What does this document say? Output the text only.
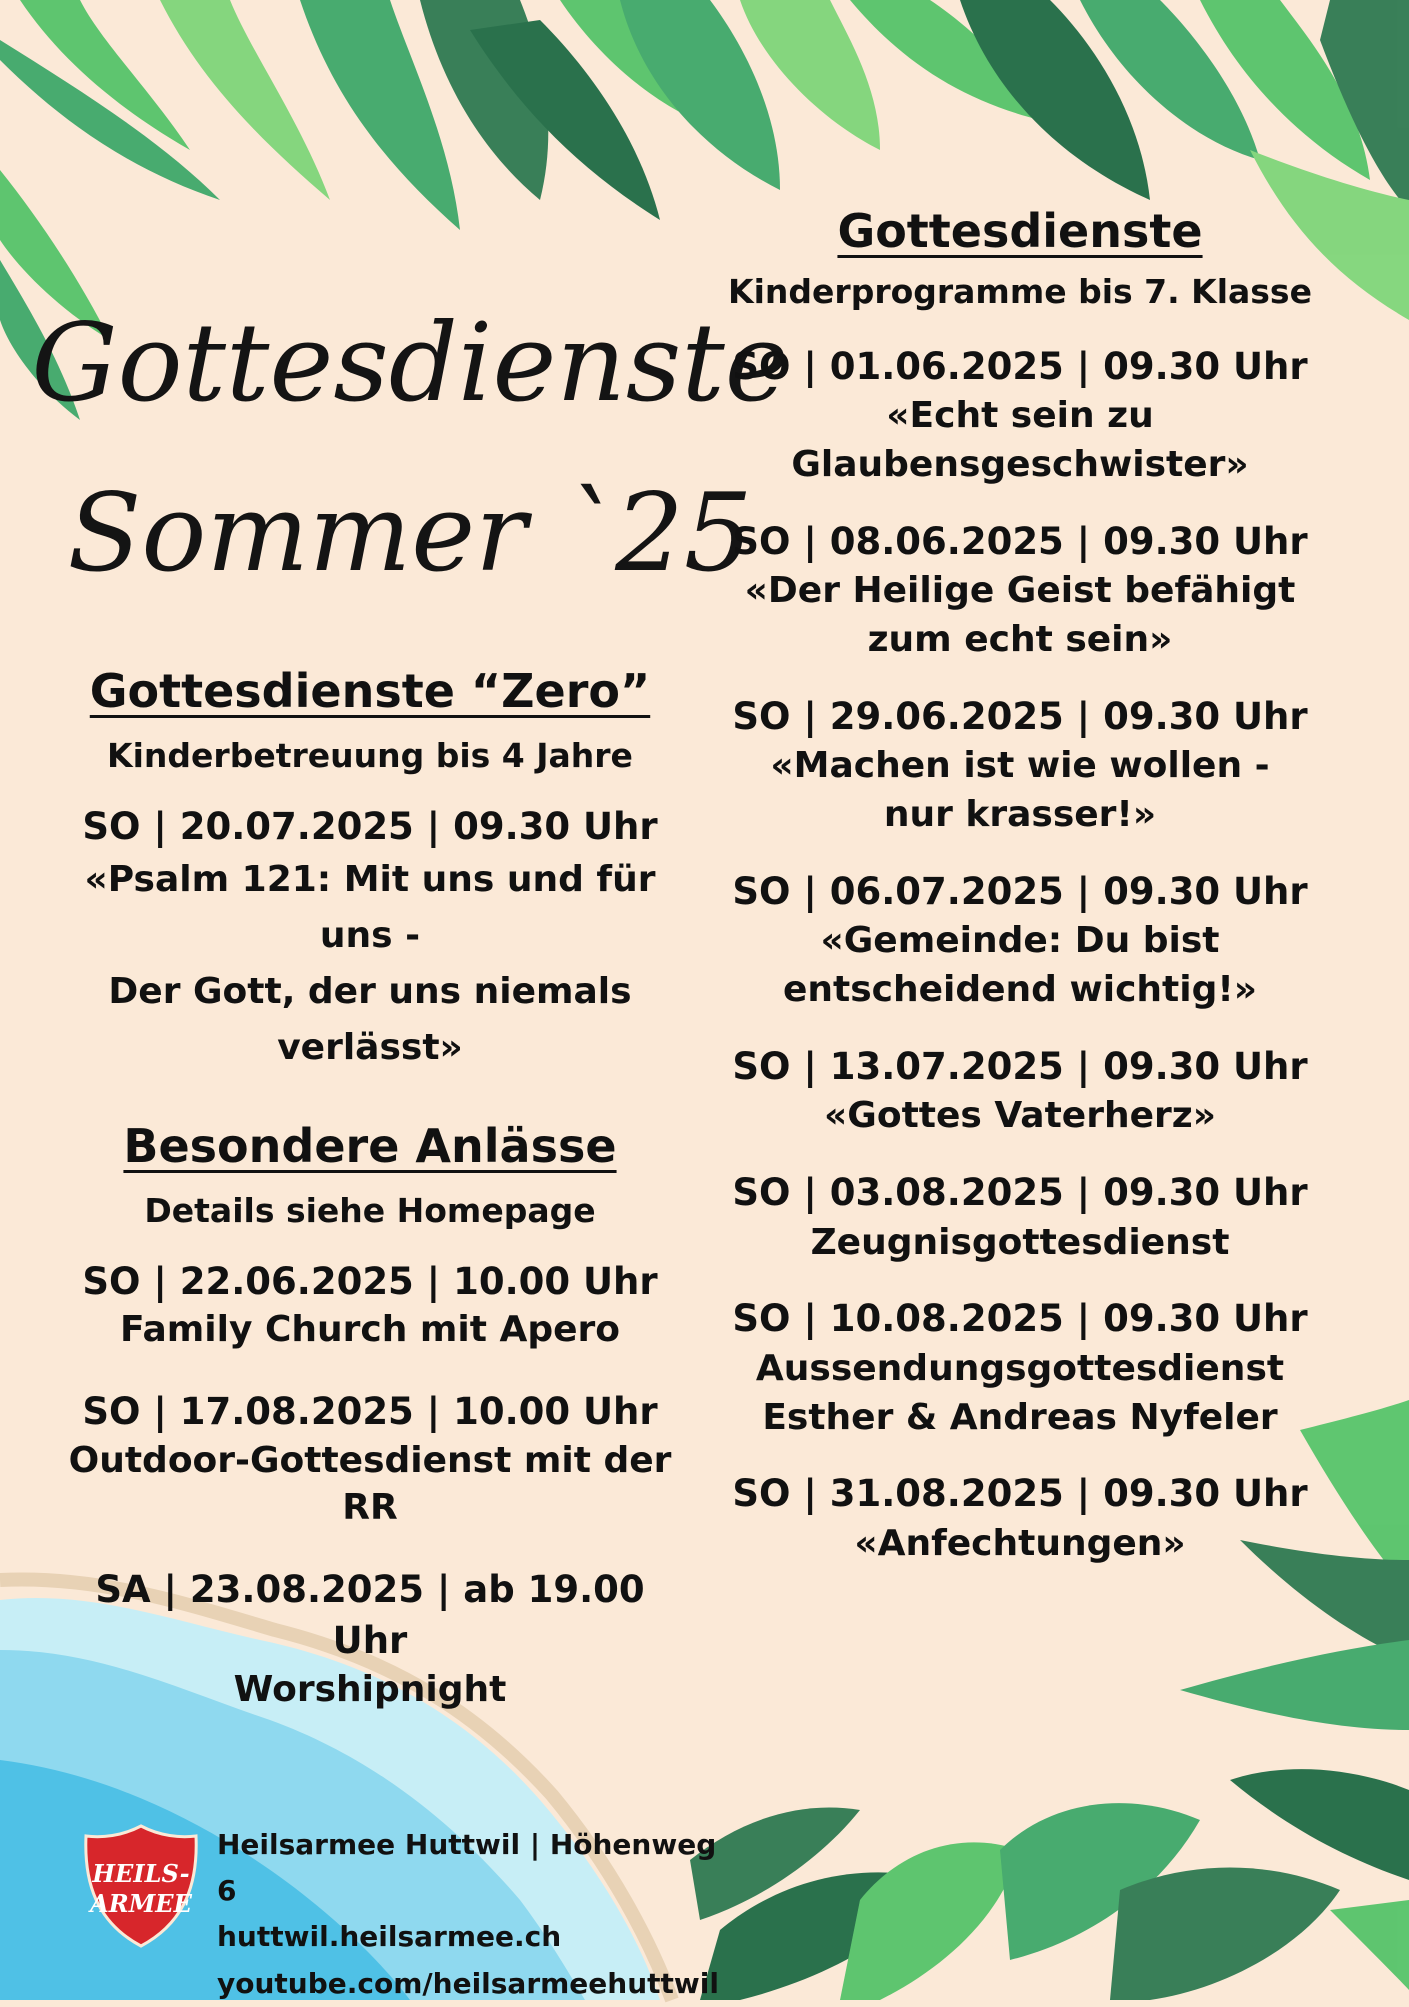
Gottesdienste
Sommer `25

Gottesdienste “Zero”

Kinderbetreuung bis 4 Jahre

SO | 20.07.2025 | 09.30 Uhr

«Psalm 121: Mit uns und für uns -

Der Gott, der uns niemals

verlässt»

Besondere Anlässe

Details siehe Homepage

SO | 22.06.2025 | 10.00 Uhr

Family Church mit Apero

SO | 17.08.2025 | 10.00 Uhr

Outdoor-Gottesdienst mit der RR

SA | 23.08.2025 | ab 19.00 Uhr

Worshipnight

Gottesdienste

Kinderprogramme bis 7. Klasse

SO | 01.06.2025 | 09.30 Uhr

«Echt sein zu Glaubensgeschwister»

SO | 08.06.2025 | 09.30 Uhr

«Der Heilige Geist befähigt

zum echt sein»

SO | 29.06.2025 | 09.30 Uhr

«Machen ist wie wollen -

nur krasser!»

SO | 06.07.2025 | 09.30 Uhr

«Gemeinde: Du bist

entscheidend wichtig!»

SO | 13.07.2025 | 09.30 Uhr

«Gottes Vaterherz»

SO | 03.08.2025 | 09.30 Uhr

Zeugnisgottesdienst

SO | 10.08.2025 | 09.30 Uhr

Aussendungsgottesdienst

Esther & Andreas Nyfeler

SO | 31.08.2025 | 09.30 Uhr

«Anfechtungen»

HEILS-
ARMEE
Heilsarmee Huttwil | Höhenweg 6
huttwil.heilsarmee.ch
youtube.com/heilsarmeehuttwil
